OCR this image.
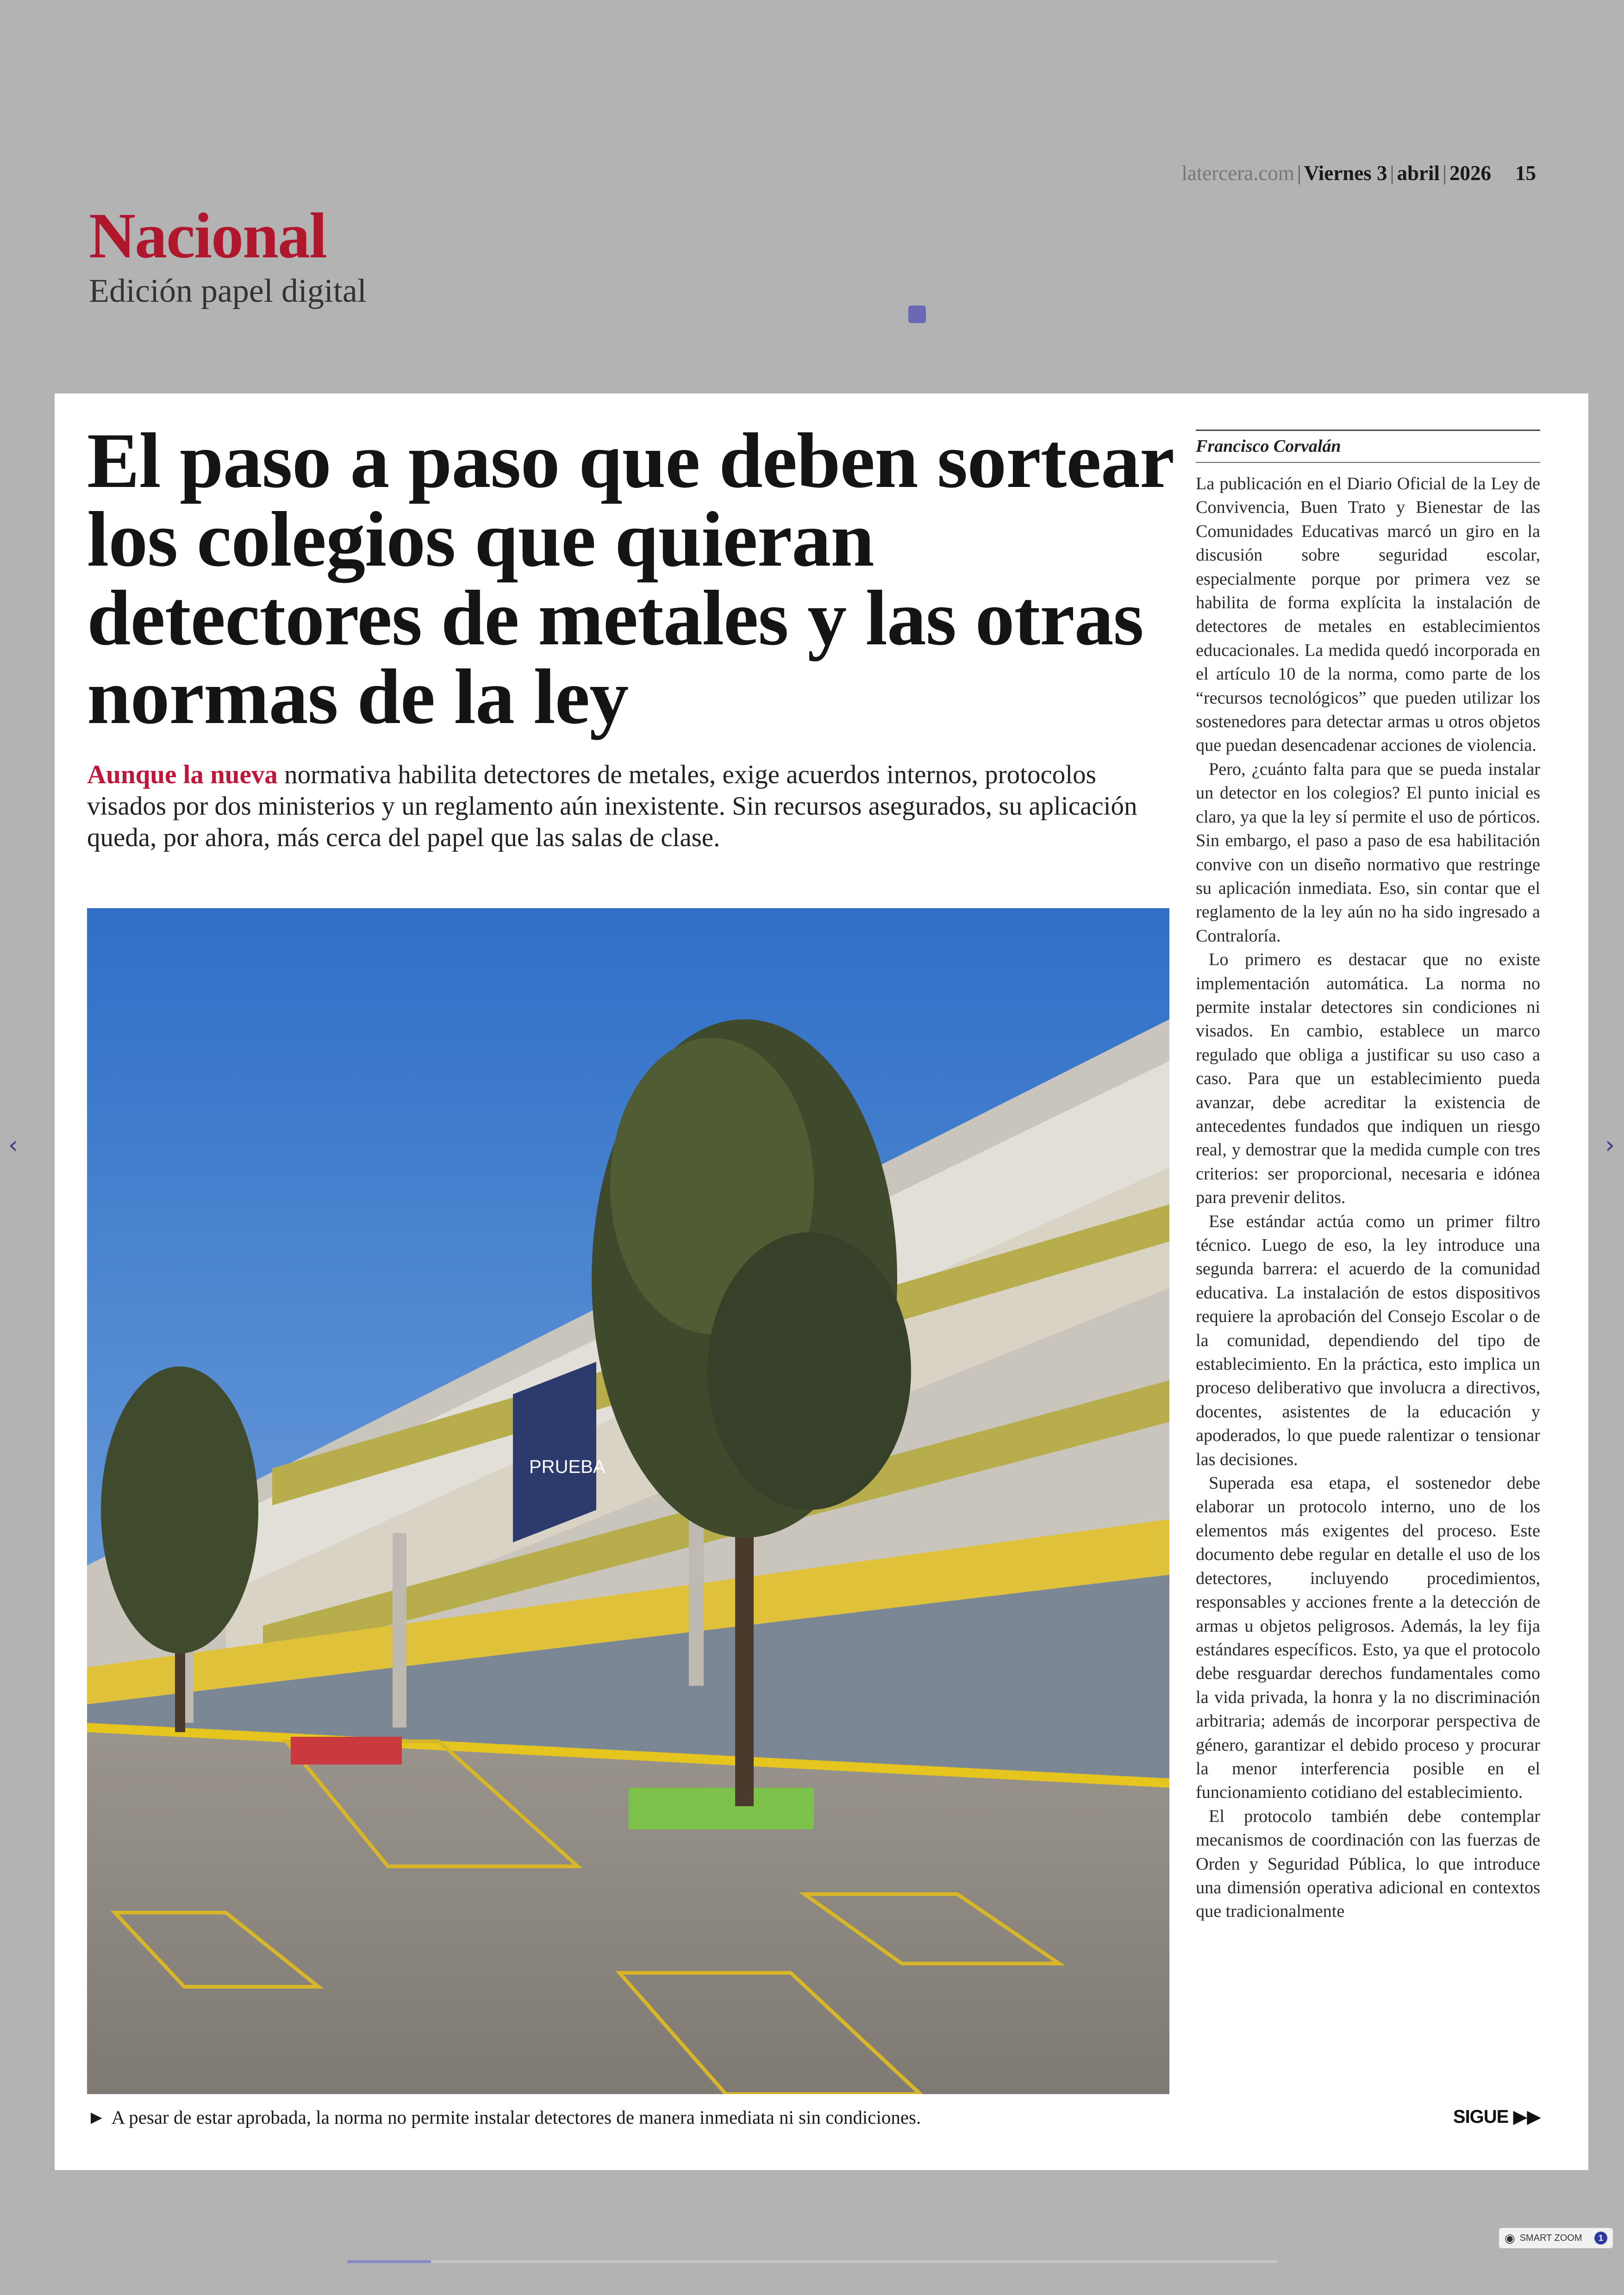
latercera.com | Viernes 3 | abril | 2026 15
Nacional
Edición papel digital
El paso a paso que deben sortear los colegios que quieran detectores de metales y las otras normas de la ley

Aunque la nueva normativa habilita detectores de metales, exige acuerdos internos, protocolos visados por dos ministerios y un reglamento aún inexistente. Sin recursos asegurados, su aplicación queda, por ahora, más cerca del papel que las salas de clase.

PRUEBA
► A pesar de estar aprobada, la norma no permite instalar detectores de manera inmediata ni sin condiciones.
Francisco Corvalán

La publicación en el Diario Oficial de la Ley de Convivencia, Buen Trato y Bienestar de las Comunidades Educativas marcó un giro en la discusión sobre seguridad escolar, especialmente porque por primera vez se habilita de forma explícita la instalación de detectores de metales en establecimientos educacionales. La medida quedó incorporada en el artículo 10 de la norma, como parte de los “recursos tecnológicos” que pueden utilizar los sostenedores para detectar armas u otros objetos que puedan desencadenar acciones de violencia.

Pero, ¿cuánto falta para que se pueda instalar un detector en los colegios? El punto inicial es claro, ya que la ley sí permite el uso de pórticos. Sin embargo, el paso a paso de esa habilitación convive con un diseño normativo que restringe su aplicación inmediata. Eso, sin contar que el reglamento de la ley aún no ha sido ingresado a Contraloría.

Lo primero es destacar que no existe implementación automática. La norma no permite instalar detectores sin condiciones ni visados. En cambio, establece un marco regulado que obliga a justificar su uso caso a caso. Para que un establecimiento pueda avanzar, debe acreditar la existencia de antecedentes fundados que indiquen un riesgo real, y demostrar que la medida cumple con tres criterios: ser proporcional, necesaria e idónea para prevenir delitos.

Ese estándar actúa como un primer filtro técnico. Luego de eso, la ley introduce una segunda barrera: el acuerdo de la comunidad educativa. La instalación de estos dispositivos requiere la aprobación del Consejo Escolar o de la comunidad, dependiendo del tipo de establecimiento. En la práctica, esto implica un proceso deliberativo que involucra a directivos, docentes, asistentes de la educación y apoderados, lo que puede ralentizar o tensionar las decisiones.

Superada esa etapa, el sostenedor debe elaborar un protocolo interno, uno de los elementos más exigentes del proceso. Este documento debe regular en detalle el uso de los detectores, incluyendo procedimientos, responsables y acciones frente a la detección de armas u objetos peligrosos. Además, la ley fija estándares específicos. Esto, ya que el protocolo debe resguardar derechos fundamentales como la vida privada, la honra y la no discriminación arbitraria; además de incorporar perspectiva de género, garantizar el debido proceso y procurar la menor interferencia posible en el funcionamiento cotidiano del establecimiento.

El protocolo también debe contemplar mecanismos de coordinación con las fuerzas de Orden y Seguridad Pública, lo que introduce una dimensión operativa adicional en contextos que tradicionalmente

SIGUE ▶▶
‹	›
◉ SMART ZOOM	1
